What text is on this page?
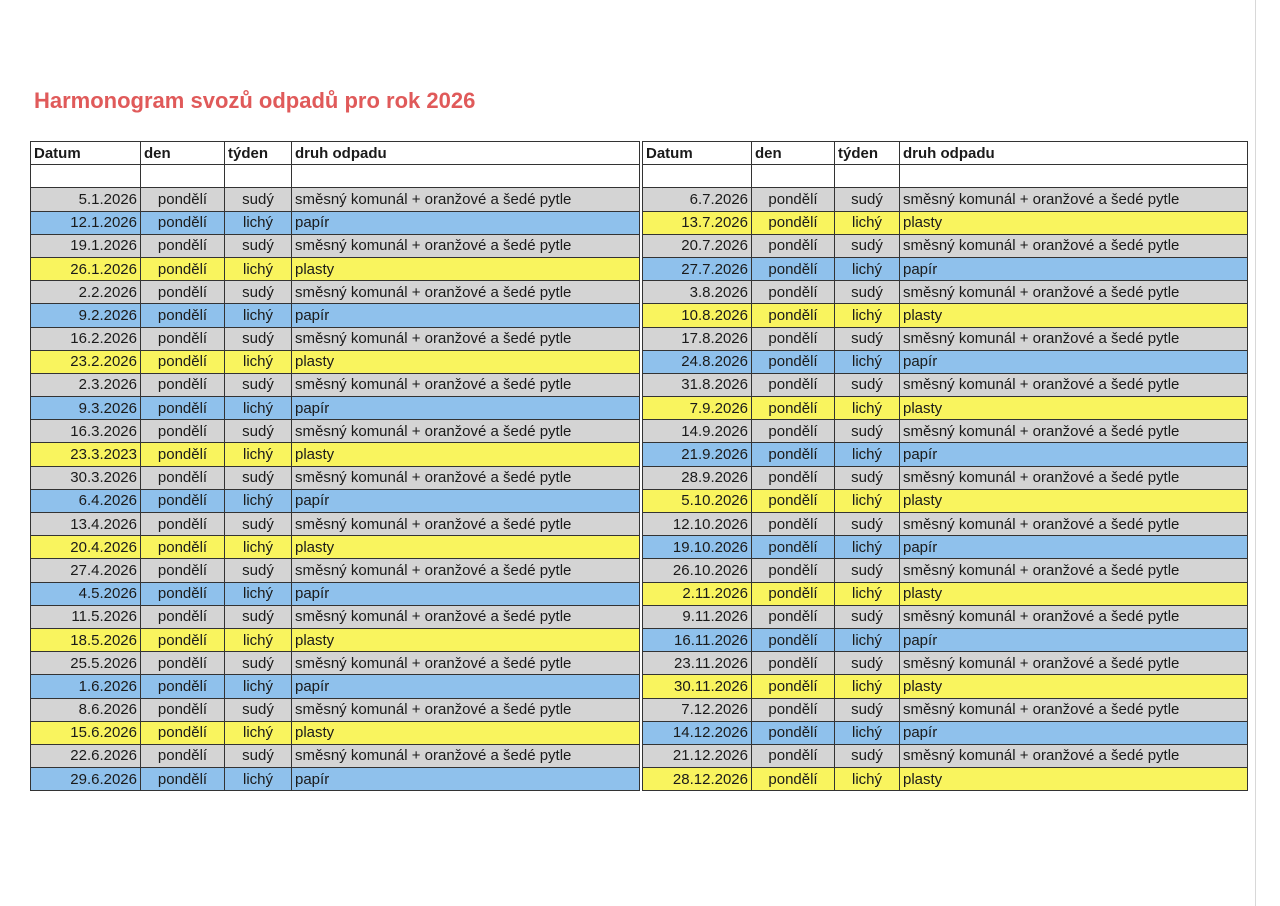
Harmonogram svozů odpadů pro rok 2026
Datum	den	týden	druh odpadu

5.1.2026	pondělí	sudý	směsný komunál + oranžové a šedé pytle
12.1.2026	pondělí	lichý	papír
19.1.2026	pondělí	sudý	směsný komunál + oranžové a šedé pytle
26.1.2026	pondělí	lichý	plasty
2.2.2026	pondělí	sudý	směsný komunál + oranžové a šedé pytle
9.2.2026	pondělí	lichý	papír
16.2.2026	pondělí	sudý	směsný komunál + oranžové a šedé pytle
23.2.2026	pondělí	lichý	plasty
2.3.2026	pondělí	sudý	směsný komunál + oranžové a šedé pytle
9.3.2026	pondělí	lichý	papír
16.3.2026	pondělí	sudý	směsný komunál + oranžové a šedé pytle
23.3.2023	pondělí	lichý	plasty
30.3.2026	pondělí	sudý	směsný komunál + oranžové a šedé pytle
6.4.2026	pondělí	lichý	papír
13.4.2026	pondělí	sudý	směsný komunál + oranžové a šedé pytle
20.4.2026	pondělí	lichý	plasty
27.4.2026	pondělí	sudý	směsný komunál + oranžové a šedé pytle
4.5.2026	pondělí	lichý	papír
11.5.2026	pondělí	sudý	směsný komunál + oranžové a šedé pytle
18.5.2026	pondělí	lichý	plasty
25.5.2026	pondělí	sudý	směsný komunál + oranžové a šedé pytle
1.6.2026	pondělí	lichý	papír
8.6.2026	pondělí	sudý	směsný komunál + oranžové a šedé pytle
15.6.2026	pondělí	lichý	plasty
22.6.2026	pondělí	sudý	směsný komunál + oranžové a šedé pytle
29.6.2026	pondělí	lichý	papír
Datum	den	týden	druh odpadu

6.7.2026	pondělí	sudý	směsný komunál + oranžové a šedé pytle
13.7.2026	pondělí	lichý	plasty
20.7.2026	pondělí	sudý	směsný komunál + oranžové a šedé pytle
27.7.2026	pondělí	lichý	papír
3.8.2026	pondělí	sudý	směsný komunál + oranžové a šedé pytle
10.8.2026	pondělí	lichý	plasty
17.8.2026	pondělí	sudý	směsný komunál + oranžové a šedé pytle
24.8.2026	pondělí	lichý	papír
31.8.2026	pondělí	sudý	směsný komunál + oranžové a šedé pytle
7.9.2026	pondělí	lichý	plasty
14.9.2026	pondělí	sudý	směsný komunál + oranžové a šedé pytle
21.9.2026	pondělí	lichý	papír
28.9.2026	pondělí	sudý	směsný komunál + oranžové a šedé pytle
5.10.2026	pondělí	lichý	plasty
12.10.2026	pondělí	sudý	směsný komunál + oranžové a šedé pytle
19.10.2026	pondělí	lichý	papír
26.10.2026	pondělí	sudý	směsný komunál + oranžové a šedé pytle
2.11.2026	pondělí	lichý	plasty
9.11.2026	pondělí	sudý	směsný komunál + oranžové a šedé pytle
16.11.2026	pondělí	lichý	papír
23.11.2026	pondělí	sudý	směsný komunál + oranžové a šedé pytle
30.11.2026	pondělí	lichý	plasty
7.12.2026	pondělí	sudý	směsný komunál + oranžové a šedé pytle
14.12.2026	pondělí	lichý	papír
21.12.2026	pondělí	sudý	směsný komunál + oranžové a šedé pytle
28.12.2026	pondělí	lichý	plasty
